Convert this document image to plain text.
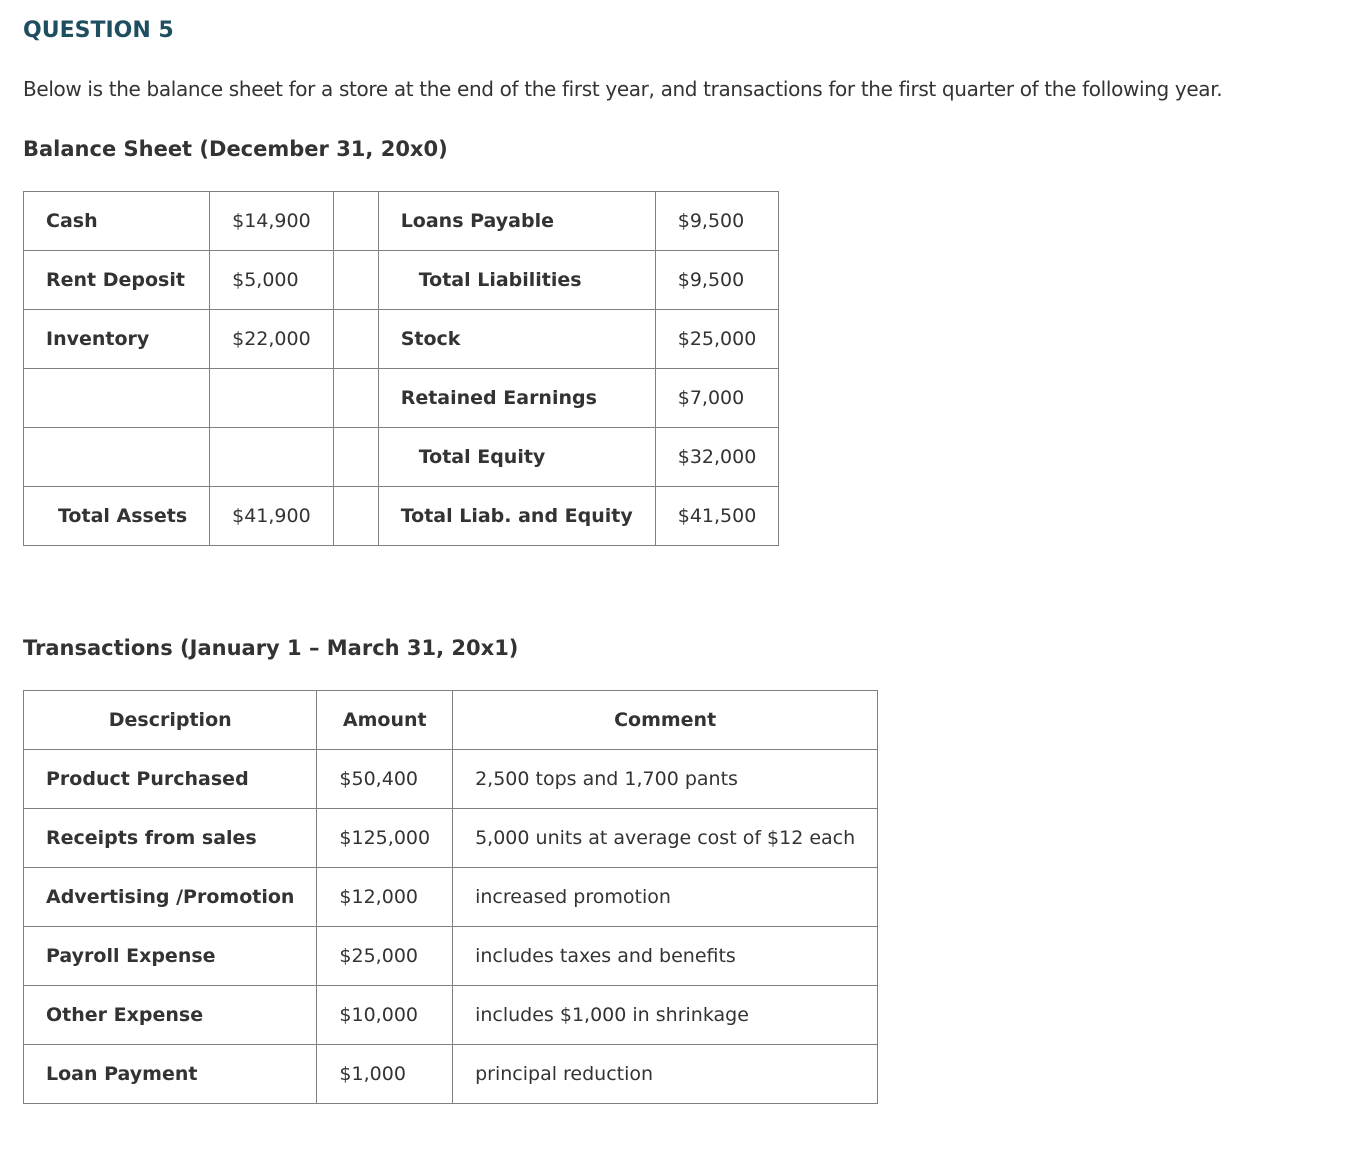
QUESTION 5

Below is the balance sheet for a store at the end of the first year, and transactions for the first quarter of the following year.

Balance Sheet (December 31, 20x0)
Cash	$14,900		Loans Payable	$9,500
Rent Deposit	$5,000		Total Liabilities	$9,500
Inventory	$22,000		Stock	$25,000
			Retained Earnings	$7,000
			Total Equity	$32,000
Total Assets	$41,900		Total Liab. and Equity	$41,500
Transactions (January 1 – March 31, 20x1)
Description	Amount	Comment
Product Purchased	$50,400	2,500 tops and 1,700 pants
Receipts from sales	$125,000	5,000 units at average cost of $12 each
Advertising /Promotion	$12,000	increased promotion
Payroll Expense	$25,000	includes taxes and benefits
Other Expense	$10,000	includes $1,000 in shrinkage
Loan Payment	$1,000	principal reduction
